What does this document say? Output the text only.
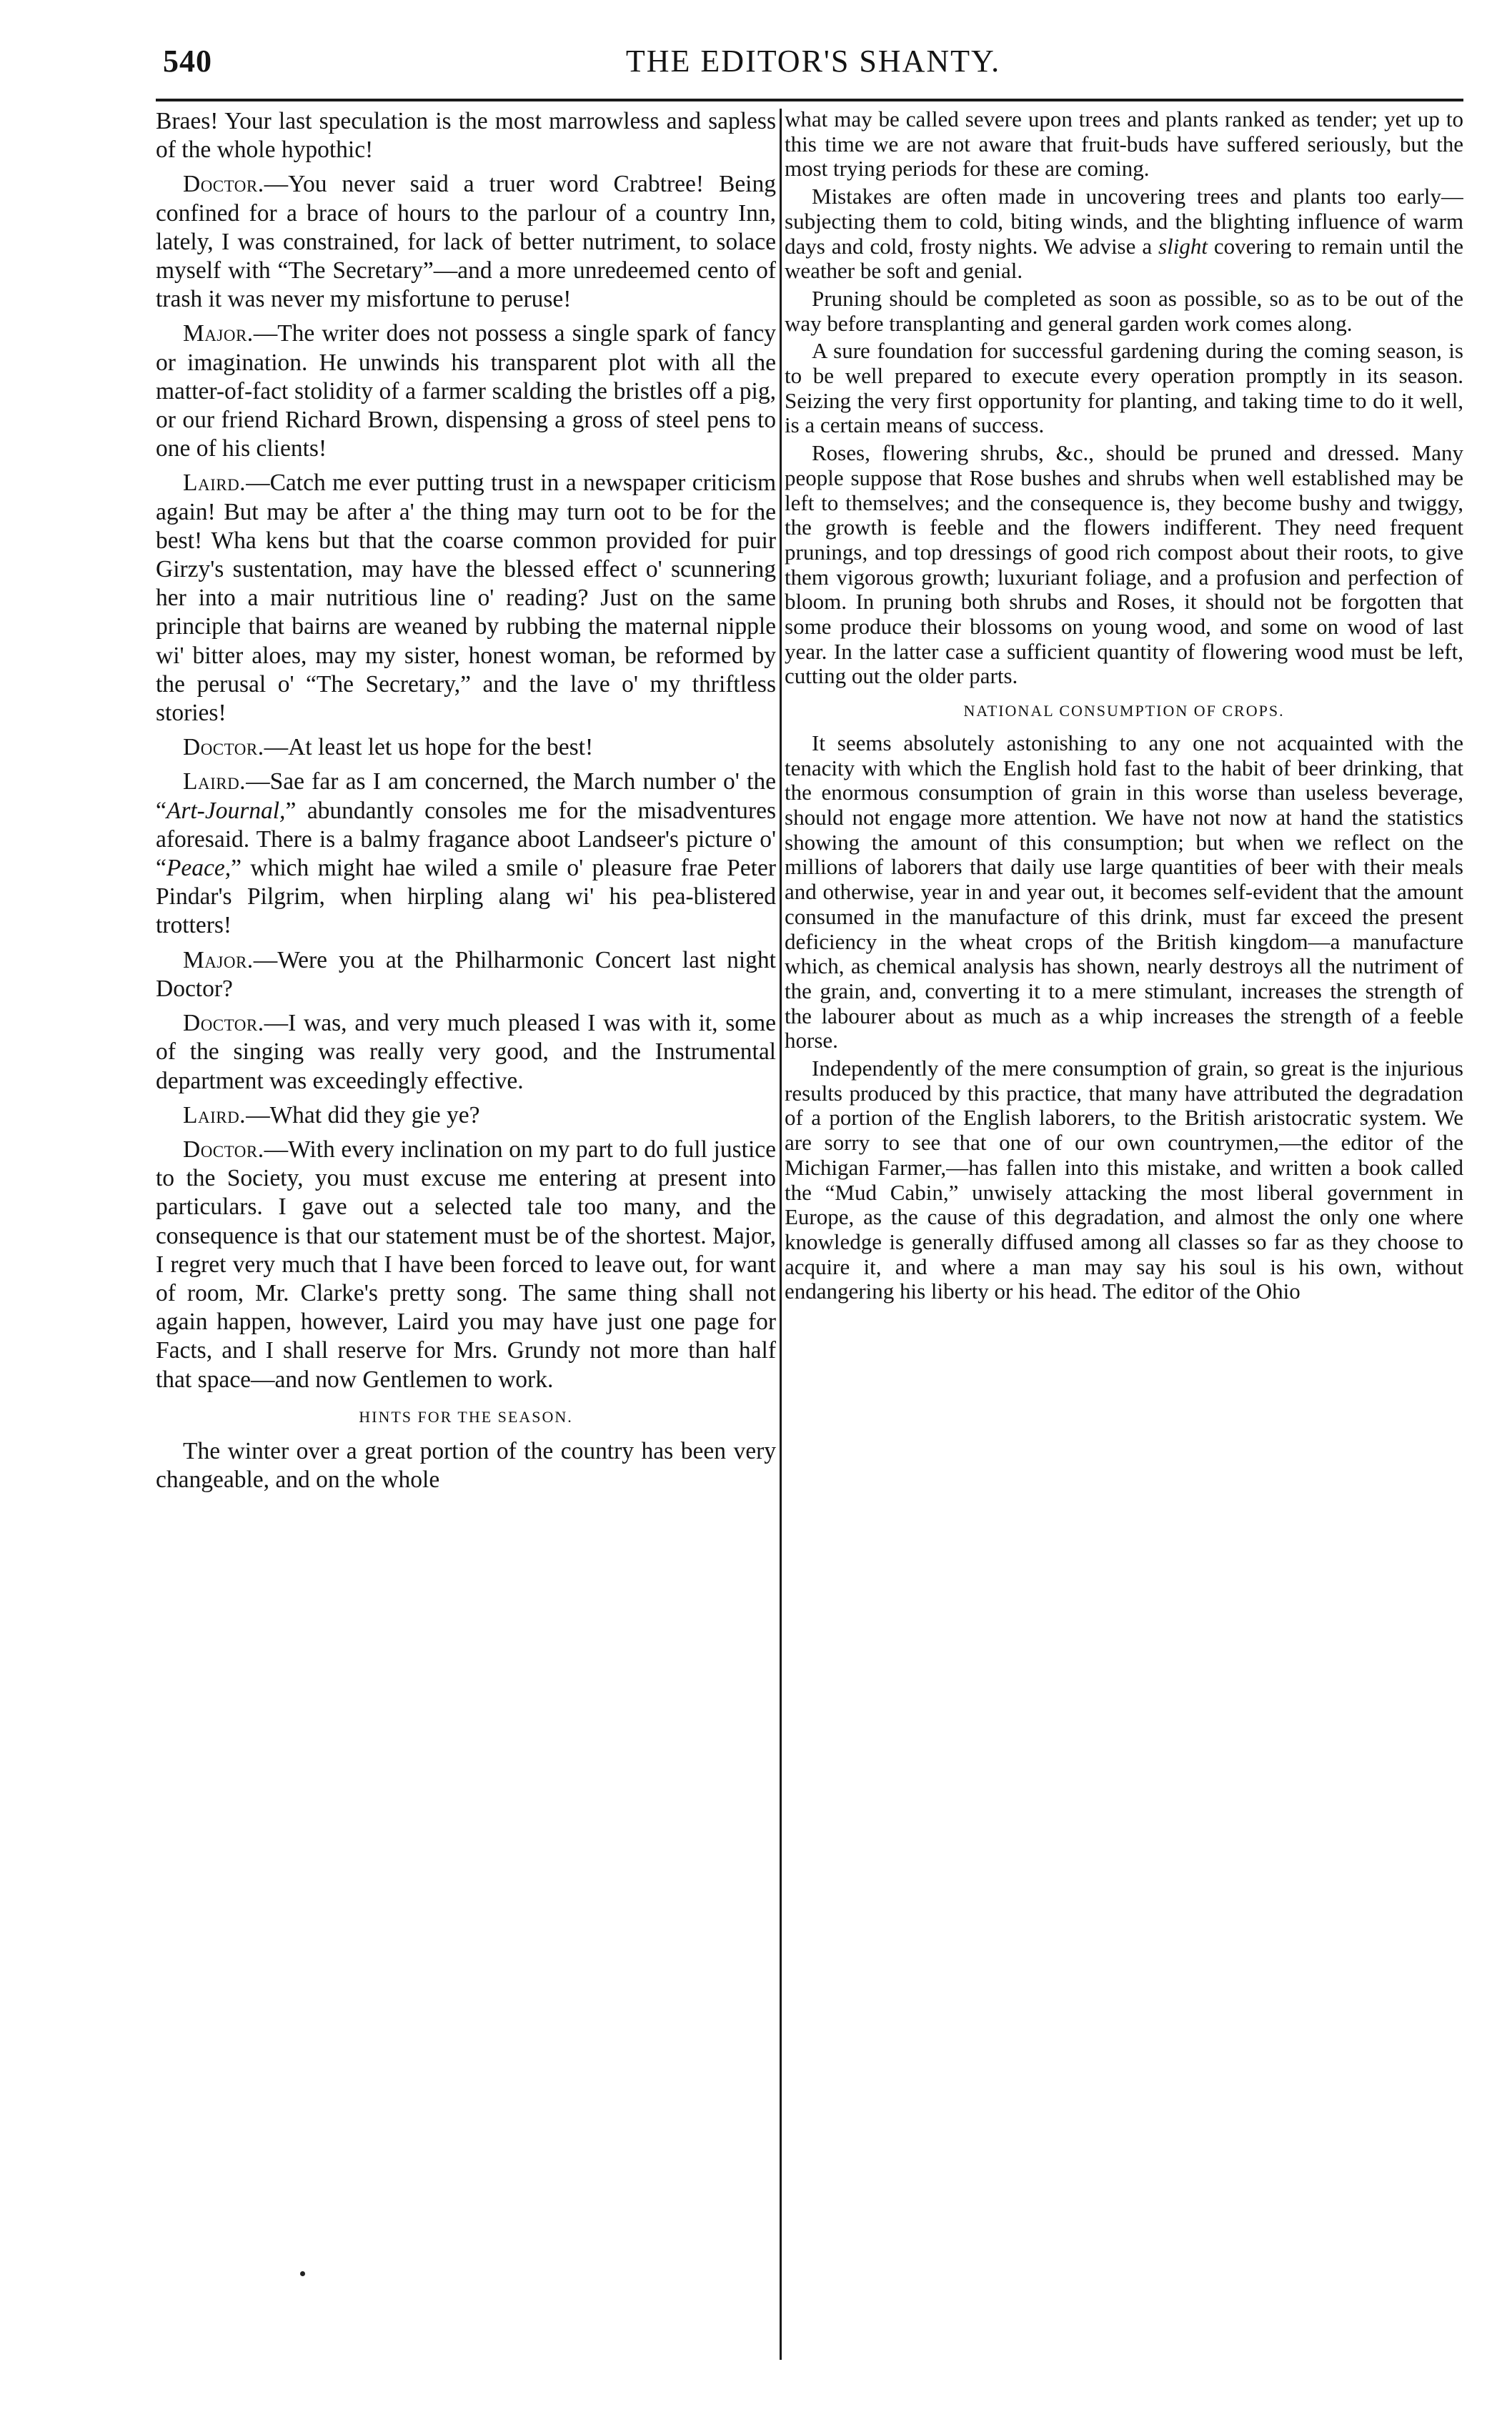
540	THE EDITOR'S SHANTY.

Braes! Your last speculation is the most marrowless and sapless of the whole hypothic!

Doctor.—You never said a truer word Crabtree! Being confined for a brace of hours to the parlour of a country Inn, lately, I was constrained, for lack of better nutriment, to solace myself with “The Secretary”—and a more unredeemed cento of trash it was never my misfortune to peruse!

Major.—The writer does not possess a single spark of fancy or imagination. He unwinds his transparent plot with all the matter-of-fact stolidity of a farmer scalding the bristles off a pig, or our friend Richard Brown, dispensing a gross of steel pens to one of his clients!

Laird.—Catch me ever putting trust in a newspaper criticism again! But may be after a' the thing may turn oot to be for the best! Wha kens but that the coarse common provided for puir Girzy's sustentation, may have the blessed effect o' scunnering her into a mair nutritious line o' reading? Just on the same principle that bairns are weaned by rubbing the maternal nipple wi' bitter aloes, may my sister, honest woman, be reformed by the perusal o' “The Secretary,” and the lave o' my thriftless stories!

Doctor.—At least let us hope for the best!

Laird.—Sae far as I am concerned, the March number o' the “Art-Journal,” abundantly consoles me for the misadventures aforesaid. There is a balmy fragance aboot Landseer's picture o' “Peace,” which might hae wiled a smile o' pleasure frae Peter Pindar's Pilgrim, when hirpling alang wi' his pea-blistered trotters!

Major.—Were you at the Philharmonic Concert last night Doctor?

Doctor.—I was, and very much pleased I was with it, some of the singing was really very good, and the Instrumental department was exceedingly effective.

Laird.—What did they gie ye?

Doctor.—With every inclination on my part to do full justice to the Society, you must excuse me entering at present into particulars. I gave out a selected tale too many, and the consequence is that our statement must be of the shortest. Major, I regret very much that I have been forced to leave out, for want of room, Mr. Clarke's pretty song. The same thing shall not again happen, however, Laird you may have just one page for Facts, and I shall reserve for Mrs. Grundy not more than half that space—and now Gentlemen to work.

HINTS FOR THE SEASON.

The winter over a great portion of the country has been very changeable, and on the whole

what may be called severe upon trees and plants ranked as tender; yet up to this time we are not aware that fruit-buds have suffered seriously, but the most trying periods for these are coming.

Mistakes are often made in uncovering trees and plants too early—subjecting them to cold, biting winds, and the blighting influence of warm days and cold, frosty nights. We advise a slight covering to remain until the weather be soft and genial.

Pruning should be completed as soon as possible, so as to be out of the way before transplanting and general garden work comes along.

A sure foundation for successful gardening during the coming season, is to be well prepared to execute every operation promptly in its season. Seizing the very first opportunity for planting, and taking time to do it well, is a certain means of success.

Roses, flowering shrubs, &c., should be pruned and dressed. Many people suppose that Rose bushes and shrubs when well established may be left to themselves; and the consequence is, they become bushy and twiggy, the growth is feeble and the flowers indifferent. They need frequent prunings, and top dressings of good rich compost about their roots, to give them vigorous growth; luxuriant foliage, and a profusion and perfection of bloom. In pruning both shrubs and Roses, it should not be forgotten that some produce their blossoms on young wood, and some on wood of last year. In the latter case a sufficient quantity of flowering wood must be left, cutting out the older parts.

NATIONAL CONSUMPTION OF CROPS.

It seems absolutely astonishing to any one not acquainted with the tenacity with which the English hold fast to the habit of beer drinking, that the enormous consumption of grain in this worse than useless beverage, should not engage more attention. We have not now at hand the statistics showing the amount of this consumption; but when we reflect on the millions of laborers that daily use large quantities of beer with their meals and otherwise, year in and year out, it becomes self-evident that the amount consumed in the manufacture of this drink, must far exceed the present deficiency in the wheat crops of the British kingdom—a manufacture which, as chemical analysis has shown, nearly destroys all the nutriment of the grain, and, converting it to a mere stimulant, increases the strength of the labourer about as much as a whip increases the strength of a feeble horse.

Independently of the mere consumption of grain, so great is the injurious results produced by this practice, that many have attributed the degradation of a portion of the English laborers, to the British aristocratic system. We are sorry to see that one of our own countrymen,—the editor of the Michigan Farmer,—has fallen into this mistake, and written a book called the “Mud Cabin,” unwisely attacking the most liberal government in Europe, as the cause of this degradation, and almost the only one where knowledge is generally diffused among all classes so far as they choose to acquire it, and where a man may say his soul is his own, without endangering his liberty or his head. The editor of the Ohio
